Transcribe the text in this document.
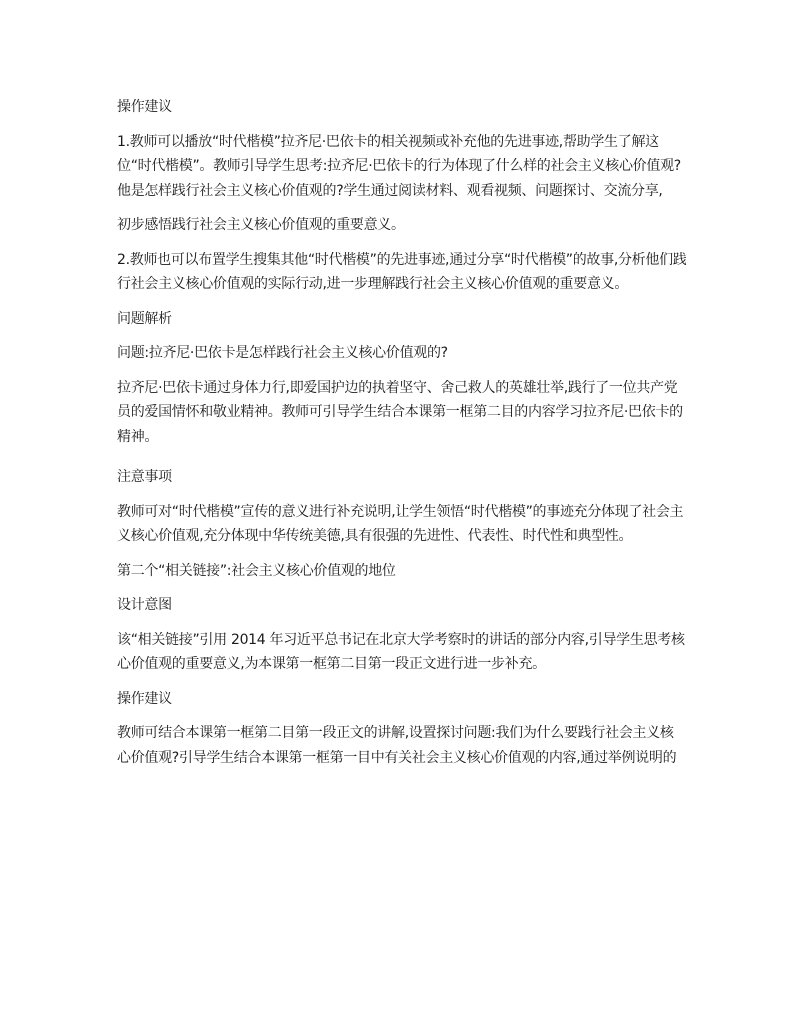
操作建议

1.教师可以播放“时代楷模”拉齐尼·巴依卡的相关视频或补充他的先进事迹,帮助学生了解这位“时代楷模”。教师引导学生思考:拉齐尼·巴依卡的行为体现了什么样的社会主义核心价值观?他是怎样践行社会主义核心价值观的?学生通过阅读材料、观看视频、问题探讨、交流分享,

初步感悟践行社会主义核心价值观的重要意义。

2.教师也可以布置学生搜集其他“时代楷模”的先进事迹,通过分享“时代楷模”的故事,分析他们践行社会主义核心价值观的实际行动,进一步理解践行社会主义核心价值观的重要意义。

问题解析

问题:拉齐尼·巴依卡是怎样践行社会主义核心价值观的?

拉齐尼·巴依卡通过身体力行,即爱国护边的执着坚守、舍己救人的英雄壮举,践行了一位共产党员的爱国情怀和敬业精神。教师可引导学生结合本课第一框第二目的内容学习拉齐尼·巴依卡的精神。

注意事项

教师可对“时代楷模”宣传的意义进行补充说明,让学生领悟“时代楷模”的事迹充分体现了社会主义核心价值观,充分体现中华传统美德,具有很强的先进性、代表性、时代性和典型性。

第二个“相关链接”:社会主义核心价值观的地位

设计意图

该“相关链接”引用 2014 年习近平总书记在北京大学考察时的讲话的部分内容,引导学生思考核心价值观的重要意义,为本课第一框第二目第一段正文进行进一步补充。

操作建议

教师可结合本课第一框第二目第一段正文的讲解,设置探讨问题:我们为什么要践行社会主义核心价值观?引导学生结合本课第一框第一目中有关社会主义核心价值观的内容,通过举例说明的
